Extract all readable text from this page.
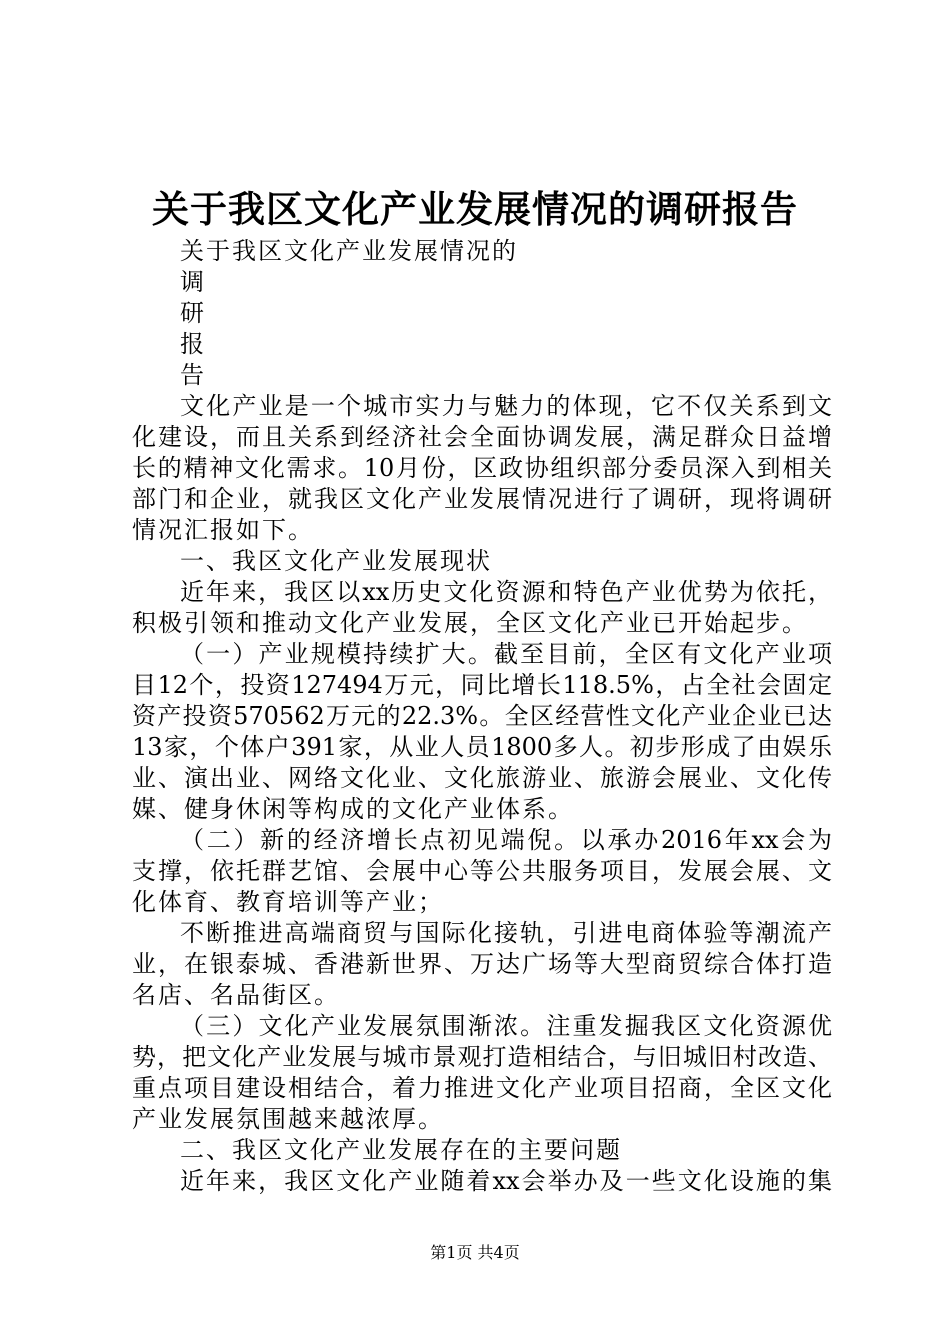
关于我区文化产业发展情况的调研报告
关于我区文化产业发展情况的
调
研
报
告
文化产业是一个城市实力与魅力的体现，它不仅关系到文
化建设，而且关系到经济社会全面协调发展，满足群众日益增
长的精神文化需求。10月份，区政协组织部分委员深入到相关
部门和企业，就我区文化产业发展情况进行了调研，现将调研
情况汇报如下。
一、我区文化产业发展现状
近年来，我区以xx历史文化资源和特色产业优势为依托，
积极引领和推动文化产业发展，全区文化产业已开始起步。
（一）产业规模持续扩大。截至目前，全区有文化产业项
目12个，投资127494万元，同比增长118.5%，占全社会固定
资产投资570562万元的22.3%。全区经营性文化产业企业已达
13家，个体户391家，从业人员1800多人。初步形成了由娱乐
业、演出业、网络文化业、文化旅游业、旅游会展业、文化传
媒、健身休闲等构成的文化产业体系。
（二）新的经济增长点初见端倪。以承办2016年xx会为
支撑，依托群艺馆、会展中心等公共服务项目，发展会展、文
化体育、教育培训等产业；
不断推进高端商贸与国际化接轨，引进电商体验等潮流产
业，在银泰城、香港新世界、万达广场等大型商贸综合体打造
名店、名品街区。
（三）文化产业发展氛围渐浓。注重发掘我区文化资源优
势，把文化产业发展与城市景观打造相结合，与旧城旧村改造、
重点项目建设相结合，着力推进文化产业项目招商，全区文化
产业发展氛围越来越浓厚。
二、我区文化产业发展存在的主要问题
近年来，我区文化产业随着xx会举办及一些文化设施的集
第1页 共4页
